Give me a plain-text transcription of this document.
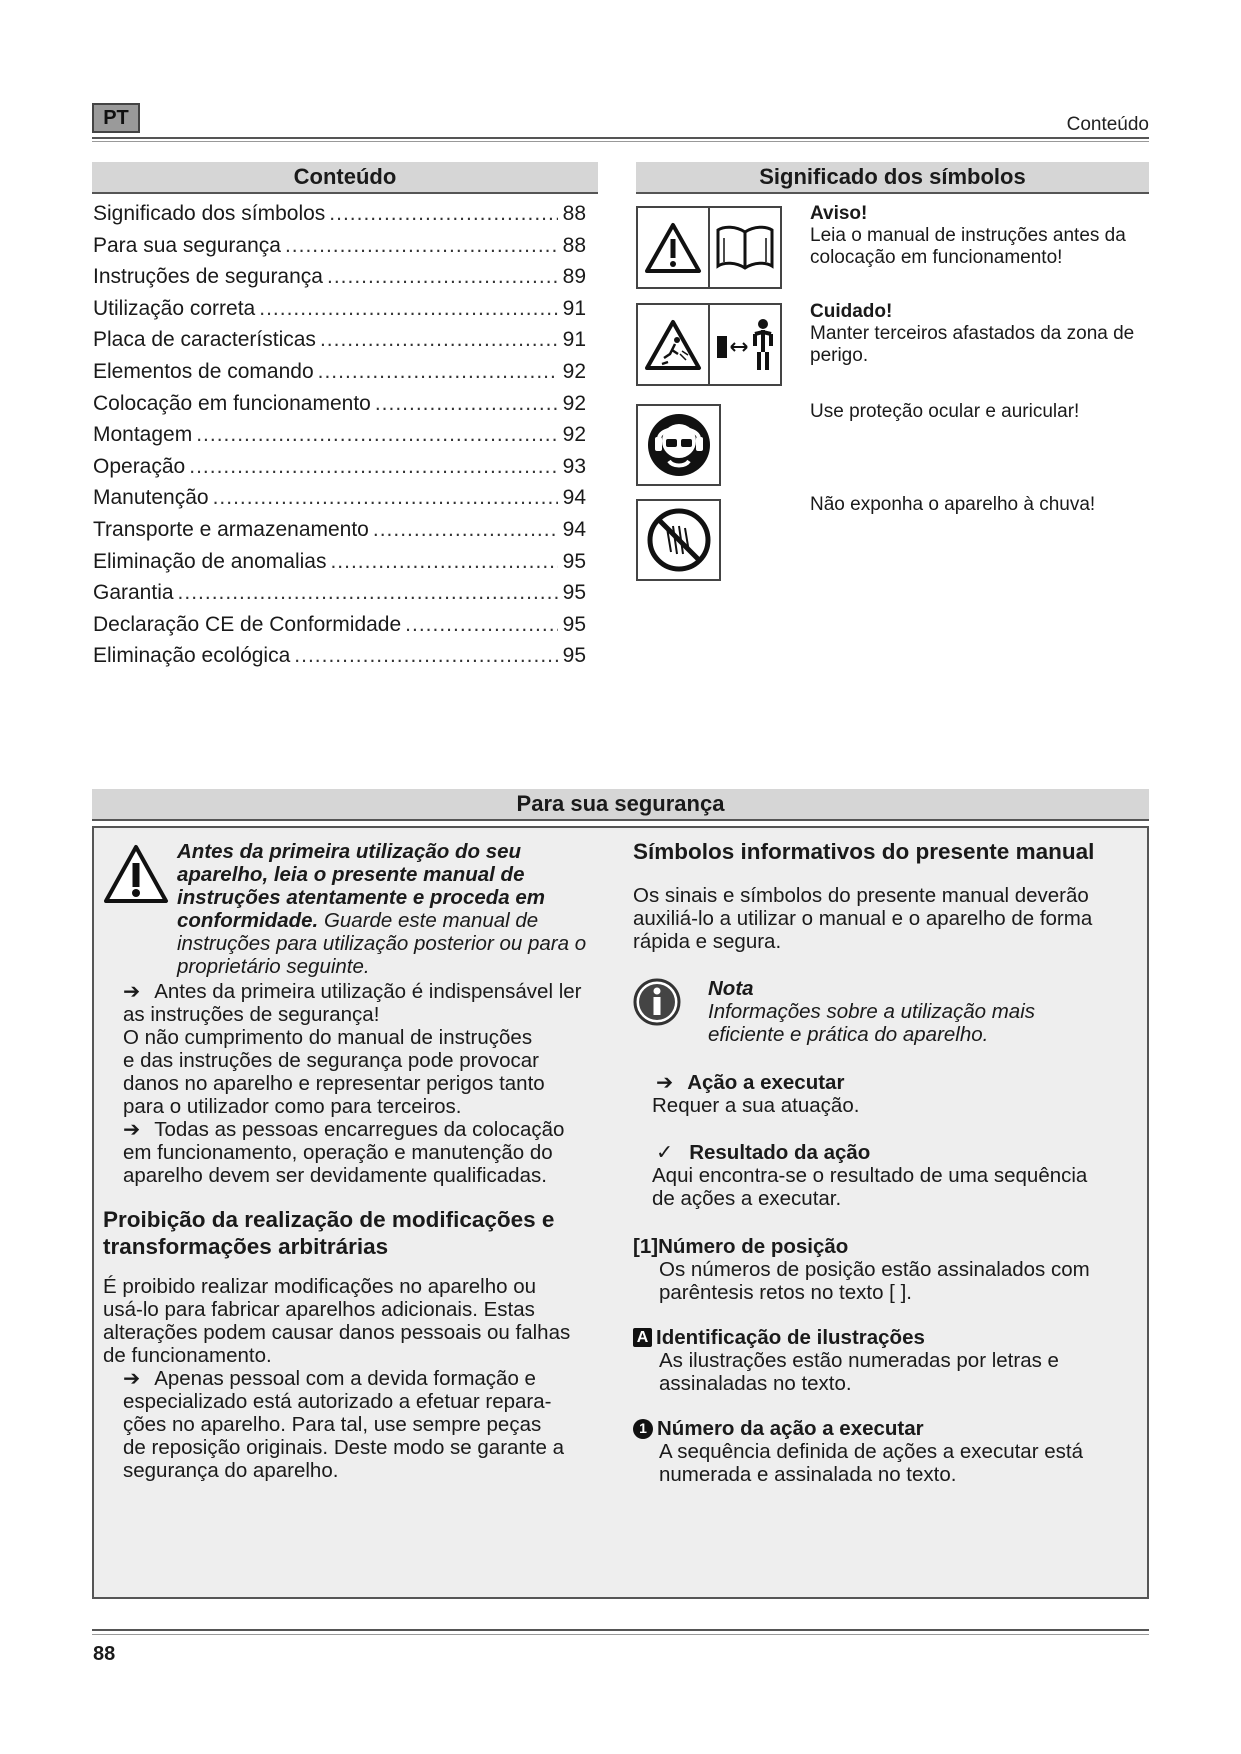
PT	Conteúdo
Conteúdo
Significado dos símbolos .....	88
Para sua segurança .....	88
Instruções de segurança .....	89
Utilização correta .....	91
Placa de características .....	91
Elementos de comando .....	92
Colocação em funcionamento .....	92
Montagem .....	92
Operação .....	93
Manutenção .....	94
Transporte e armazenamento .....	94
Eliminação de anomalias .....	95
Garantia .....	95
Declaração CE de Conformidade .....	95
Eliminação ecológica .....	95
Significado dos símbolos
Aviso!
Leia o manual de instruções antes da colocação em funcionamento!
Cuidado!
Manter terceiros afastados da zona de perigo.
Use proteção ocular e auricular!
Não exponha o aparelho à chuva!
Para sua segurança
Antes da primeira utilização do seu aparelho, leia o presente manual de instruções atentamente e proceda em conformidade. Guarde este manual de instruções para utilização posterior ou para o proprietário seguinte.
➔ Antes da primeira utilização é indispensável ler
as instruções de segurança!
O não cumprimento do manual de instruções
e das instruções de segurança pode provocar
danos no aparelho e representar perigos tanto
para o utilizador como para terceiros.
➔ Todas as pessoas encarregues da colocação
em funcionamento, operação e manutenção do
aparelho devem ser devidamente qualificadas.
Proibição da realização de modificações e transformações arbitrárias
É proibido realizar modificações no aparelho ou
usá-lo para fabricar aparelhos adicionais. Estas
alterações podem causar danos pessoais ou falhas
de funcionamento.
➔ Apenas pessoal com a devida formação e
especializado está autorizado a efetuar repara-
ções no aparelho. Para tal, use sempre peças
de reposição originais. Deste modo se garante a
segurança do aparelho.
Símbolos informativos do presente manual
Os sinais e símbolos do presente manual deverão
auxiliá-lo a utilizar o manual e o aparelho de forma
rápida e segura.
Nota
Informações sobre a utilização mais
eficiente e prática do aparelho.
➔ Ação a executar
Requer a sua atuação.
✓ Resultado da ação
Aqui encontra-se o resultado de uma sequência
de ações a executar.
[1]Número de posição
Os números de posição estão assinalados com
parêntesis retos no texto [ ].
A Identificação de ilustrações
As ilustrações estão numeradas por letras e
assinaladas no texto.
1 Número da ação a executar
A sequência definida de ações a executar está
numerada e assinalada no texto.
88
